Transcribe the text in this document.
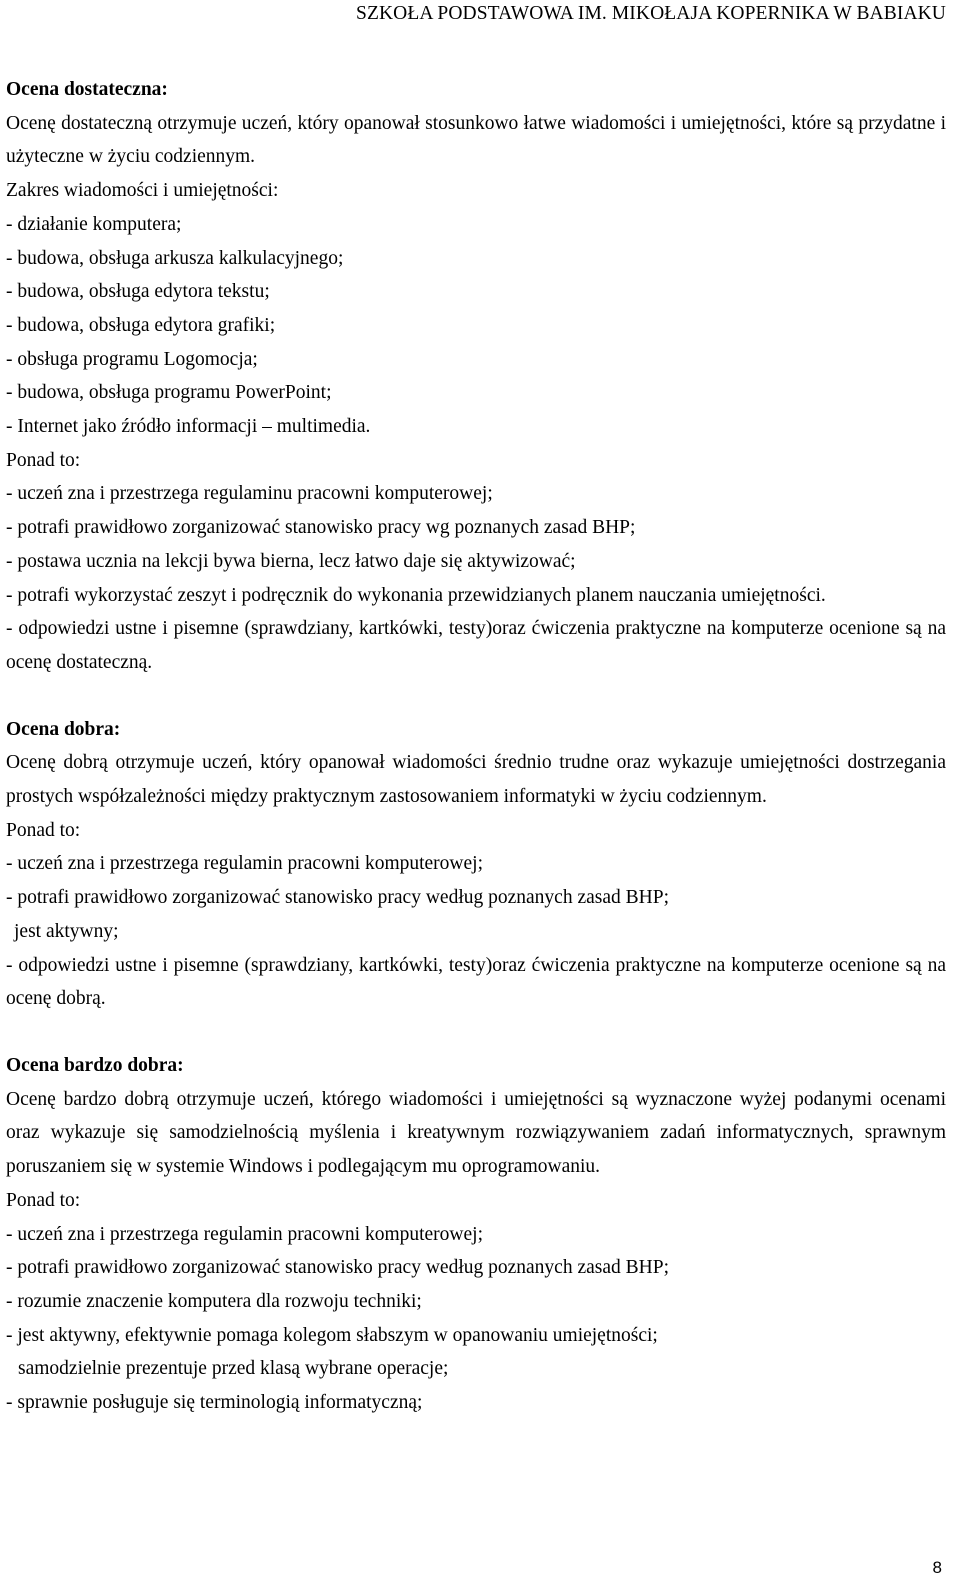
SZKOŁA PODSTAWOWA IM. MIKOŁAJA KOPERNIKA W BABIAKU

Ocena dostateczna:

Ocenę dostateczną otrzymuje uczeń, który opanował stosunkowo łatwe wiadomości i umiejętności, które są przydatne i użyteczne w życiu codziennym.

Zakres wiadomości i umiejętności:

- działanie komputera;

- budowa, obsługa arkusza kalkulacyjnego;

- budowa, obsługa edytora tekstu;

- budowa, obsługa edytora grafiki;

- obsługa programu Logomocja;

- budowa, obsługa programu PowerPoint;

- Internet jako źródło informacji – multimedia.

Ponad to:

- uczeń zna i przestrzega regulaminu pracowni komputerowej;

- potrafi prawidłowo zorganizować stanowisko pracy wg poznanych zasad BHP;

- postawa ucznia na lekcji bywa bierna, lecz łatwo daje się aktywizować;

- potrafi wykorzystać zeszyt i podręcznik do wykonania przewidzianych planem nauczania umiejętności.

- odpowiedzi ustne i pisemne (sprawdziany, kartkówki, testy)oraz ćwiczenia praktyczne na komputerze ocenione są na ocenę dostateczną.

Ocena dobra:

Ocenę dobrą otrzymuje uczeń, który opanował wiadomości średnio trudne oraz wykazuje umiejętności dostrzegania prostych współzależności między praktycznym zastosowaniem informatyki w życiu codziennym.

Ponad to:

- uczeń zna i przestrzega regulamin pracowni komputerowej;

- potrafi prawidłowo zorganizować stanowisko pracy według poznanych zasad BHP;

jest aktywny;

- odpowiedzi ustne i pisemne (sprawdziany, kartkówki, testy)oraz ćwiczenia praktyczne na komputerze ocenione są na ocenę dobrą.

Ocena bardzo dobra:

Ocenę bardzo dobrą otrzymuje uczeń, którego wiadomości i umiejętności są wyznaczone wyżej podanymi ocenami oraz wykazuje się samodzielnością myślenia i kreatywnym rozwiązywaniem zadań informatycznych, sprawnym poruszaniem się w systemie Windows i podlegającym mu oprogramowaniu.

Ponad to:

- uczeń zna i przestrzega regulamin pracowni komputerowej;

- potrafi prawidłowo zorganizować stanowisko pracy według poznanych zasad BHP;

- rozumie znaczenie komputera dla rozwoju techniki;

- jest aktywny, efektywnie pomaga kolegom słabszym w opanowaniu umiejętności;

samodzielnie prezentuje przed klasą wybrane operacje;

- sprawnie posługuje się terminologią informatyczną;

8
